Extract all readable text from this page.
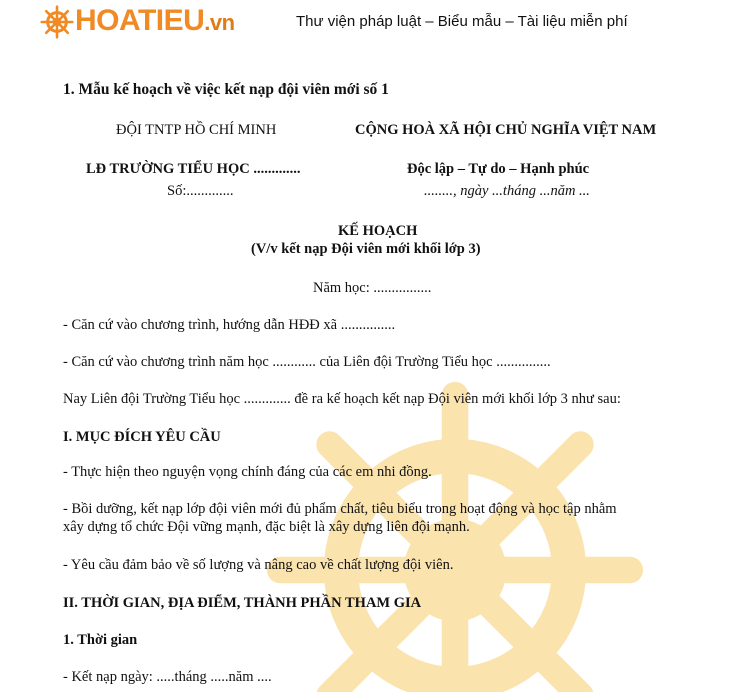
HOATIEU.vn	Thư viện pháp luật – Biểu mẫu – Tài liệu miễn phí
1. Mẫu kế hoạch về việc kết nạp đội viên mới số 1
ĐỘI TNTP HỒ CHÍ MINH	CỘNG HOÀ XÃ HỘI CHỦ NGHĨA VIỆT NAM
LĐ TRƯỜNG TIỂU HỌC .............	Độc lập – Tự do – Hạnh phúc
Số:.............	........, ngày ...tháng ...năm ...
KẾ HOẠCH
(V/v kết nạp Đội viên mới khối lớp 3)
Năm học: ................
- Căn cứ vào chương trình, hướng dẫn HĐĐ xã ...............
- Căn cứ vào chương trình năm học ............ của Liên đội Trường Tiểu học ...............
Nay Liên đội Trường Tiểu học ............. đề ra kế hoạch kết nạp Đội viên mới khối lớp 3 như sau:
I. MỤC ĐÍCH YÊU CẦU
- Thực hiện theo nguyện vọng chính đáng của các em nhi đồng.
- Bồi dưỡng, kết nạp lớp đội viên mới đủ phẩm chất, tiêu biểu trong hoạt động và học tập nhằm
xây dựng tổ chức Đội vững mạnh, đặc biệt là xây dựng liên đội mạnh.
- Yêu cầu đảm bảo về số lượng và nâng cao về chất lượng đội viên.
II. THỜI GIAN, ĐỊA ĐIỂM, THÀNH PHẦN THAM GIA
1. Thời gian
- Kết nạp ngày: .....tháng .....năm ....
